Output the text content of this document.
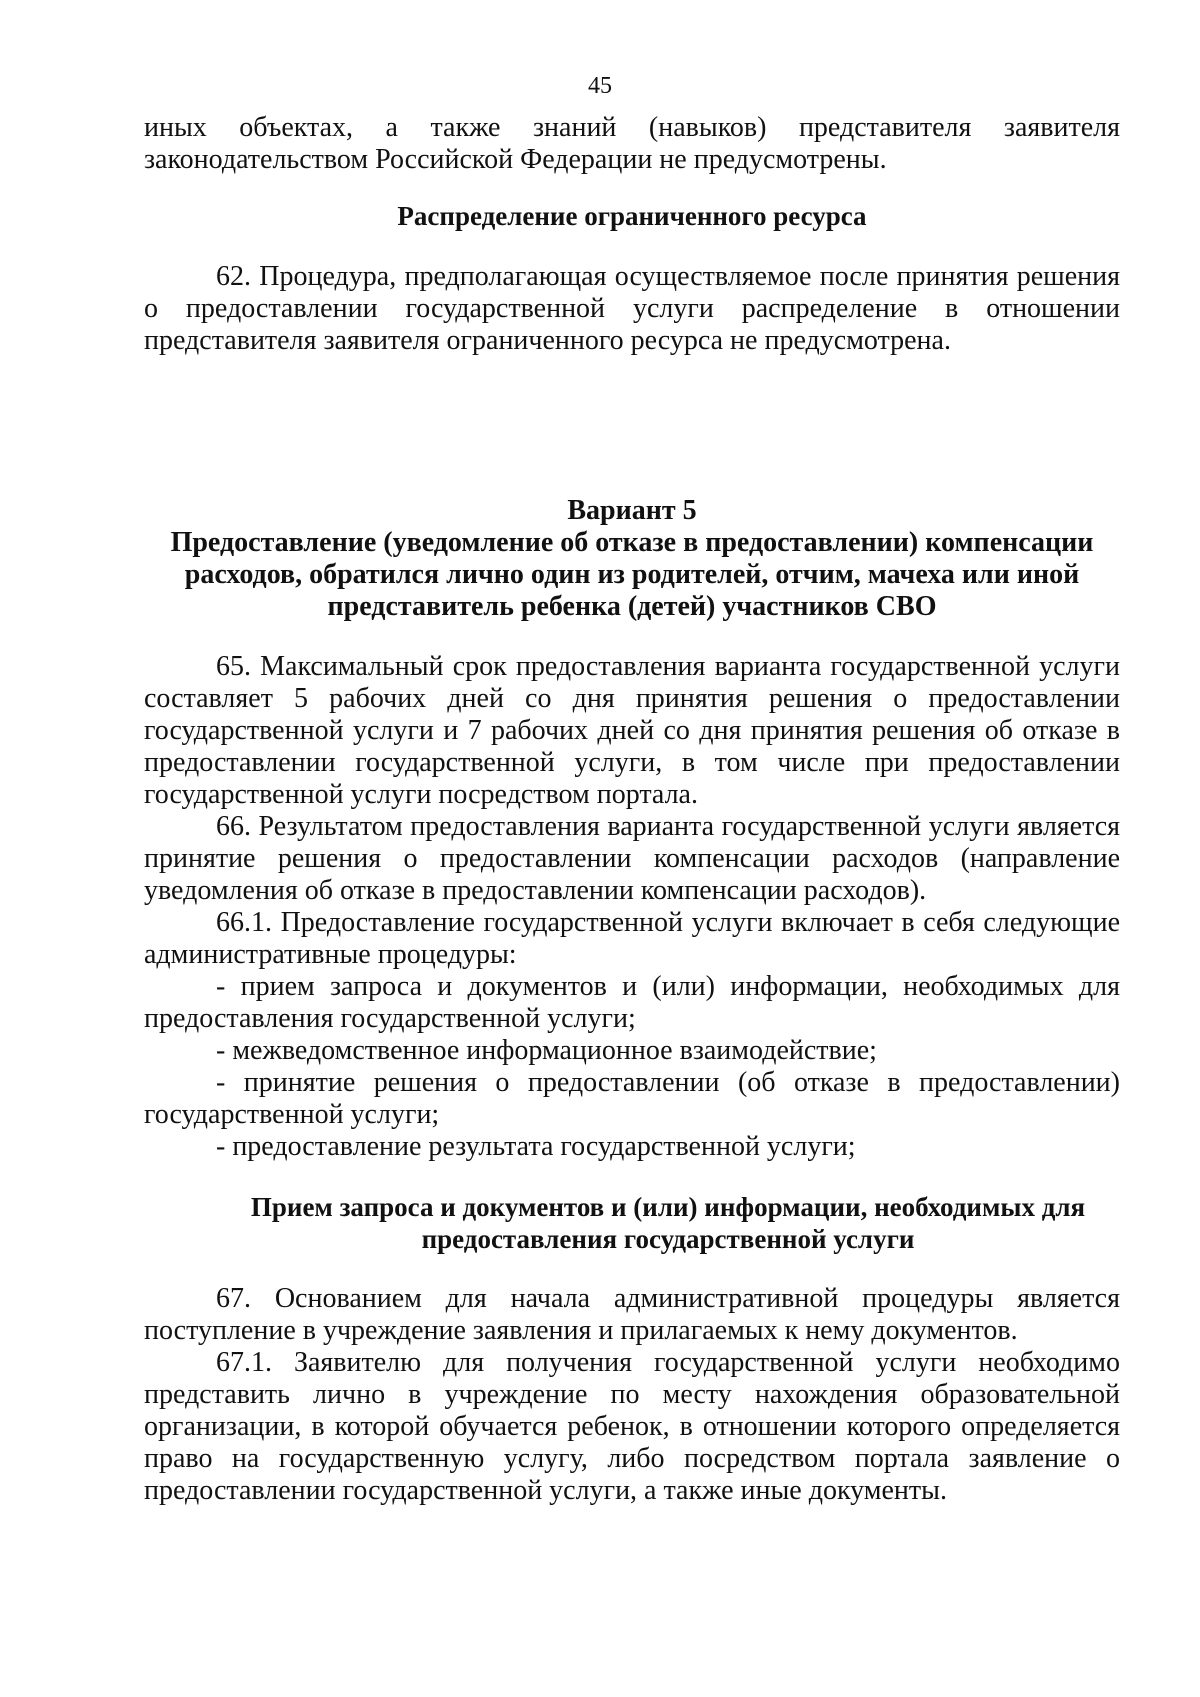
45

иных объектах, а также знаний (навыков) представителя заявителя законодательством Российской Федерации не предусмотрены.

Распределение ограниченного ресурса

62. Процедура, предполагающая осуществляемое после принятия решения о предоставлении государственной услуги распределение в отношении представителя заявителя ограниченного ресурса не предусмотрена.

Вариант 5
Предоставление (уведомление об отказе в предоставлении) компенсации расходов, обратился лично один из родителей, отчим, мачеха или иной представитель ребенка (детей) участников СВО

65. Максимальный срок предоставления варианта государственной услуги составляет 5 рабочих дней со дня принятия решения о предоставлении государственной услуги и 7 рабочих дней со дня принятия решения об отказе в предоставлении государственной услуги, в том числе при предоставлении государственной услуги посредством портала.

66. Результатом предоставления варианта государственной услуги является принятие решения о предоставлении компенсации расходов (направление уведомления об отказе в предоставлении компенсации расходов).

66.1. Предоставление государственной услуги включает в себя следующие административные процедуры:

- прием запроса и документов и (или) информации, необходимых для предоставления государственной услуги;

- межведомственное информационное взаимодействие;

- принятие решения о предоставлении (об отказе в предоставлении) государственной услуги;

- предоставление результата государственной услуги;

Прием запроса и документов и (или) информации, необходимых для предоставления государственной услуги

67. Основанием для начала административной процедуры является поступление в учреждение заявления и прилагаемых к нему документов.

67.1. Заявителю для получения государственной услуги необходимо представить лично в учреждение по месту нахождения образовательной организации, в которой обучается ребенок, в отношении которого определяется право на государственную услугу, либо посредством портала заявление о предоставлении государственной услуги, а также иные документы.
